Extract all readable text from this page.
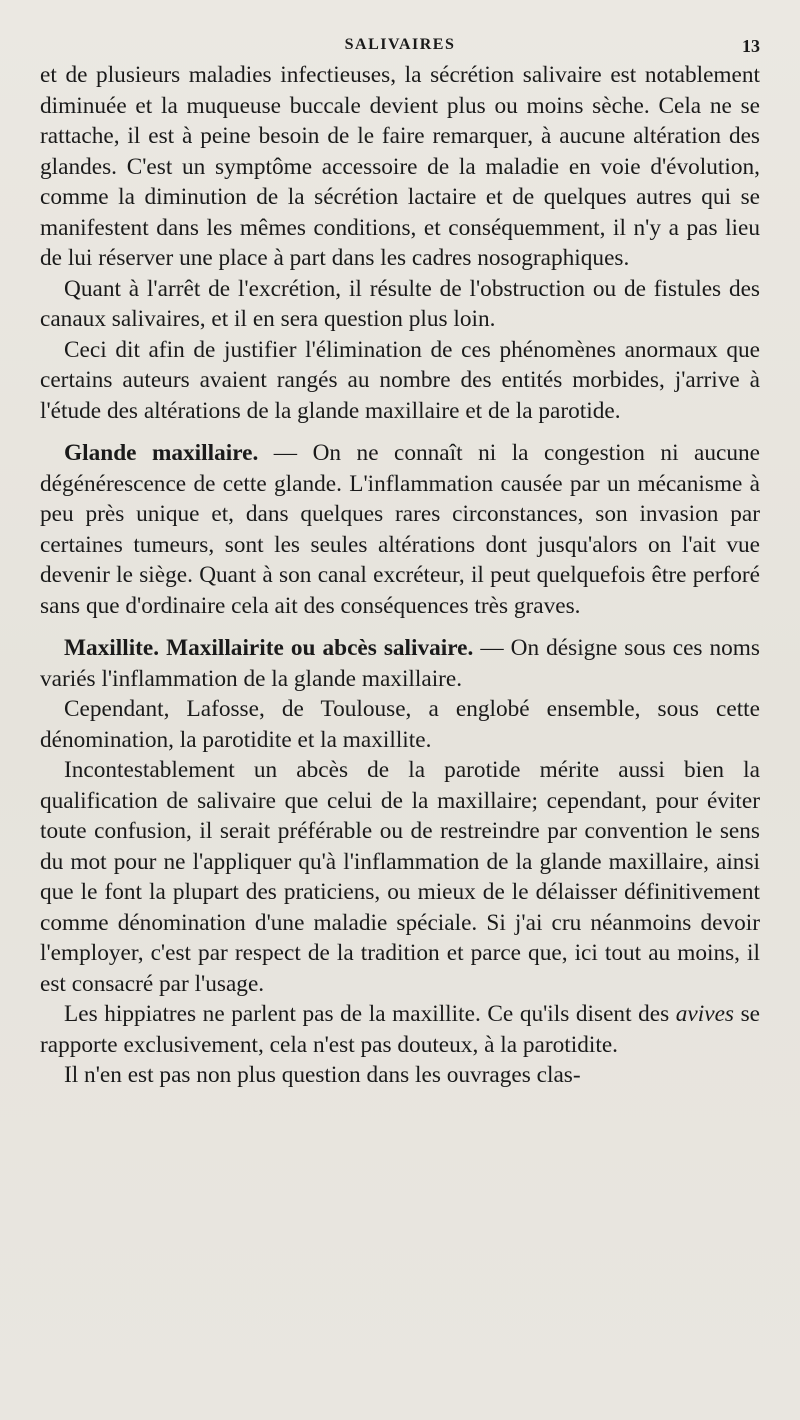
SALIVAIRES	13

et de plusieurs maladies infectieuses, la sécrétion salivaire est notablement diminuée et la muqueuse buccale devient plus ou moins sèche. Cela ne se rattache, il est à peine besoin de le faire remarquer, à aucune altération des glandes. C'est un symptôme accessoire de la maladie en voie d'évolution, comme la diminution de la sécrétion lactaire et de quelques autres qui se manifestent dans les mêmes conditions, et conséquemment, il n'y a pas lieu de lui réserver une place à part dans les cadres nosographiques.

Quant à l'arrêt de l'excrétion, il résulte de l'obstruction ou de fistules des canaux salivaires, et il en sera question plus loin.

Ceci dit afin de justifier l'élimination de ces phénomènes anormaux que certains auteurs avaient rangés au nombre des entités morbides, j'arrive à l'étude des altérations de la glande maxillaire et de la parotide.

Glande maxillaire. — On ne connaît ni la congestion ni aucune dégénérescence de cette glande. L'inflammation causée par un mécanisme à peu près unique et, dans quelques rares circonstances, son invasion par certaines tumeurs, sont les seules altérations dont jusqu'alors on l'ait vue devenir le siège. Quant à son canal excréteur, il peut quelquefois être perforé sans que d'ordinaire cela ait des conséquences très graves.

Maxillite. Maxillairite ou abcès salivaire. — On désigne sous ces noms variés l'inflammation de la glande maxillaire.

Cependant, Lafosse, de Toulouse, a englobé ensemble, sous cette dénomination, la parotidite et la maxillite.

Incontestablement un abcès de la parotide mérite aussi bien la qualification de salivaire que celui de la maxillaire; cependant, pour éviter toute confusion, il serait préférable ou de restreindre par convention le sens du mot pour ne l'appliquer qu'à l'inflammation de la glande maxillaire, ainsi que le font la plupart des praticiens, ou mieux de le délaisser définitivement comme dénomination d'une maladie spéciale. Si j'ai cru néanmoins devoir l'employer, c'est par respect de la tradition et parce que, ici tout au moins, il est consacré par l'usage.

Les hippiatres ne parlent pas de la maxillite. Ce qu'ils disent des avives se rapporte exclusivement, cela n'est pas douteux, à la parotidite.

Il n'en est pas non plus question dans les ouvrages clas-
